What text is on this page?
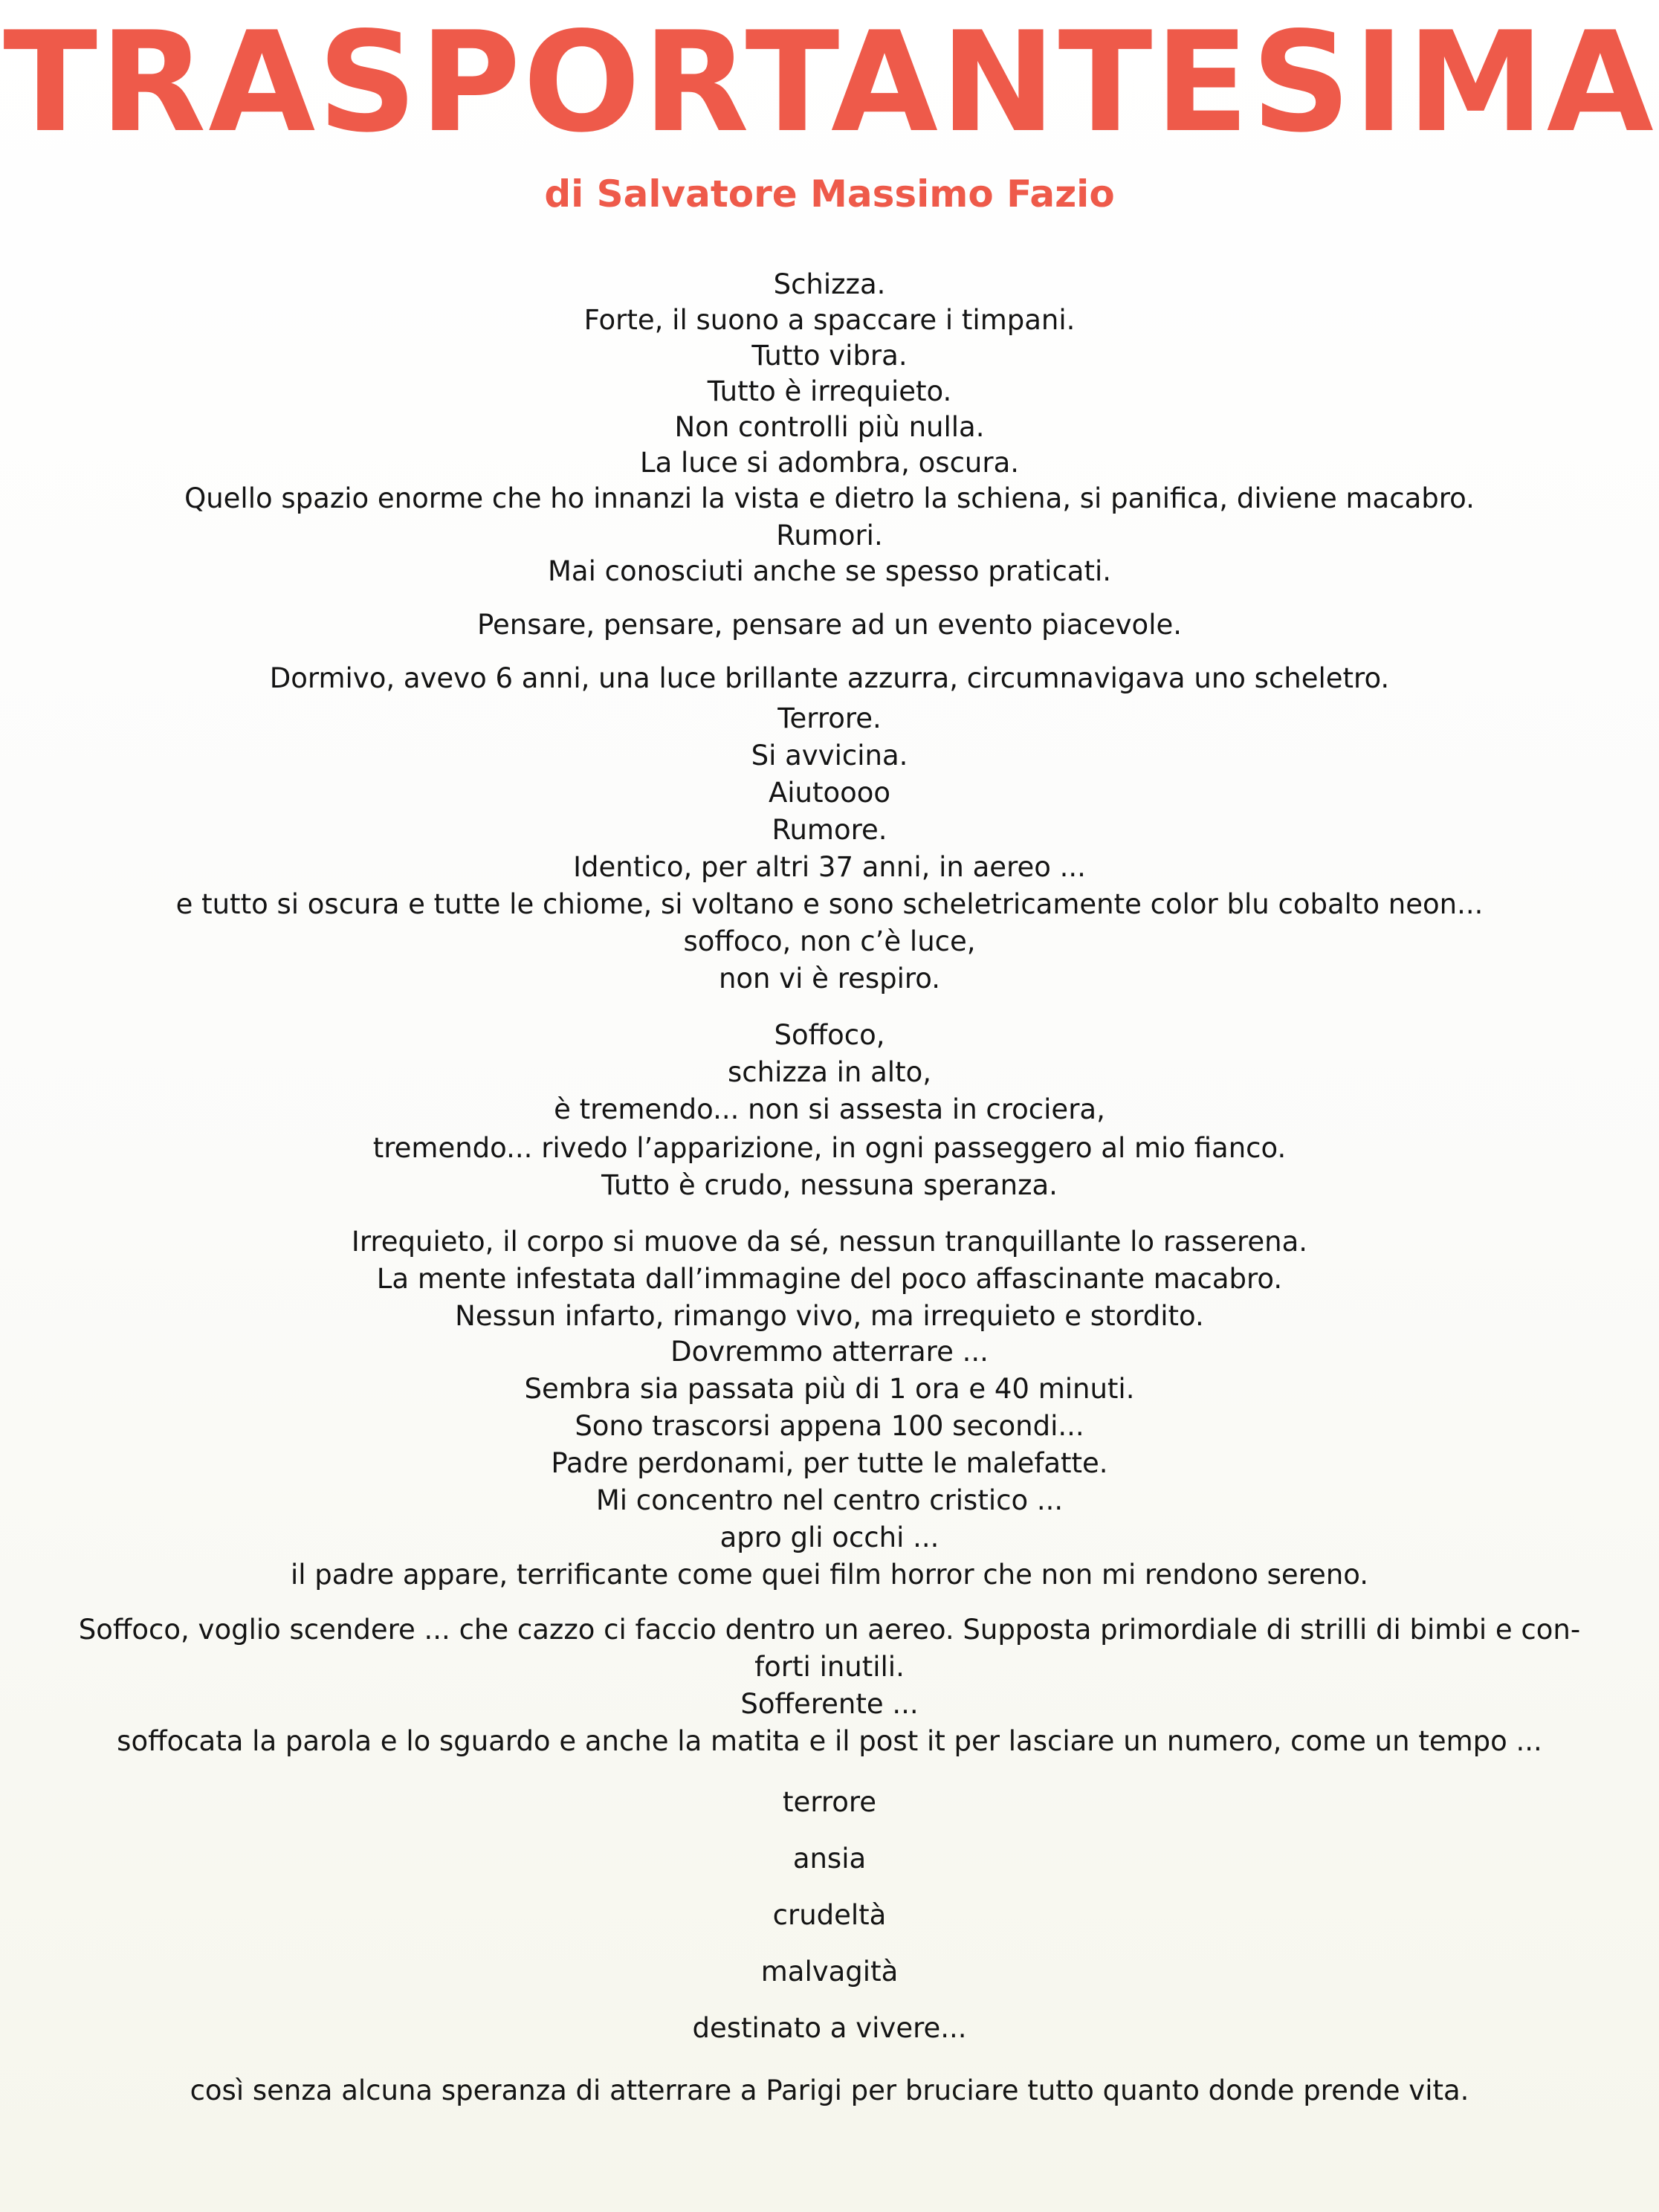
TRASPORTANTESIMA
di Salvatore Massimo Fazio
Schizza.
Forte, il suono a spaccare i timpani.
Tutto vibra.
Tutto è irrequieto.
Non controlli più nulla.
La luce si adombra, oscura.
Quello spazio enorme che ho innanzi la vista e dietro la schiena, si panifica, diviene macabro.
Rumori.
Mai conosciuti anche se spesso praticati.
Pensare, pensare, pensare ad un evento piacevole.
Dormivo, avevo 6 anni, una luce brillante azzurra, circumnavigava uno scheletro.
Terrore.
Si avvicina.
Aiutoooo
Rumore.
Identico, per altri 37 anni, in aereo ...
e tutto si oscura e tutte le chiome, si voltano e sono scheletricamente color blu cobalto neon...
soffoco, non c’è luce,
non vi è respiro.
Soffoco,
schizza in alto,
è tremendo... non si assesta in crociera,
tremendo... rivedo l’apparizione, in ogni passeggero al mio fianco.
Tutto è crudo, nessuna speranza.
Irrequieto, il corpo si muove da sé, nessun tranquillante lo rasserena.
La mente infestata dall’immagine del poco affascinante macabro.
Nessun infarto, rimango vivo, ma irrequieto e stordito.
Dovremmo atterrare ...
Sembra sia passata più di 1 ora e 40 minuti.
Sono trascorsi appena 100 secondi...
Padre perdonami, per tutte le malefatte.
Mi concentro nel centro cristico ...
apro gli occhi ...
il padre appare, terrificante come quei film horror che non mi rendono sereno.
Soffoco, voglio scendere ... che cazzo ci faccio dentro un aereo. Supposta primordiale di strilli di bimbi e con-
forti inutili.
Sofferente ...
soffocata la parola e lo sguardo e anche la matita e il post it per lasciare un numero, come un tempo ...
terrore
ansia
crudeltà
malvagità
destinato a vivere...
così senza alcuna speranza di atterrare a Parigi per bruciare tutto quanto donde prende vita.
